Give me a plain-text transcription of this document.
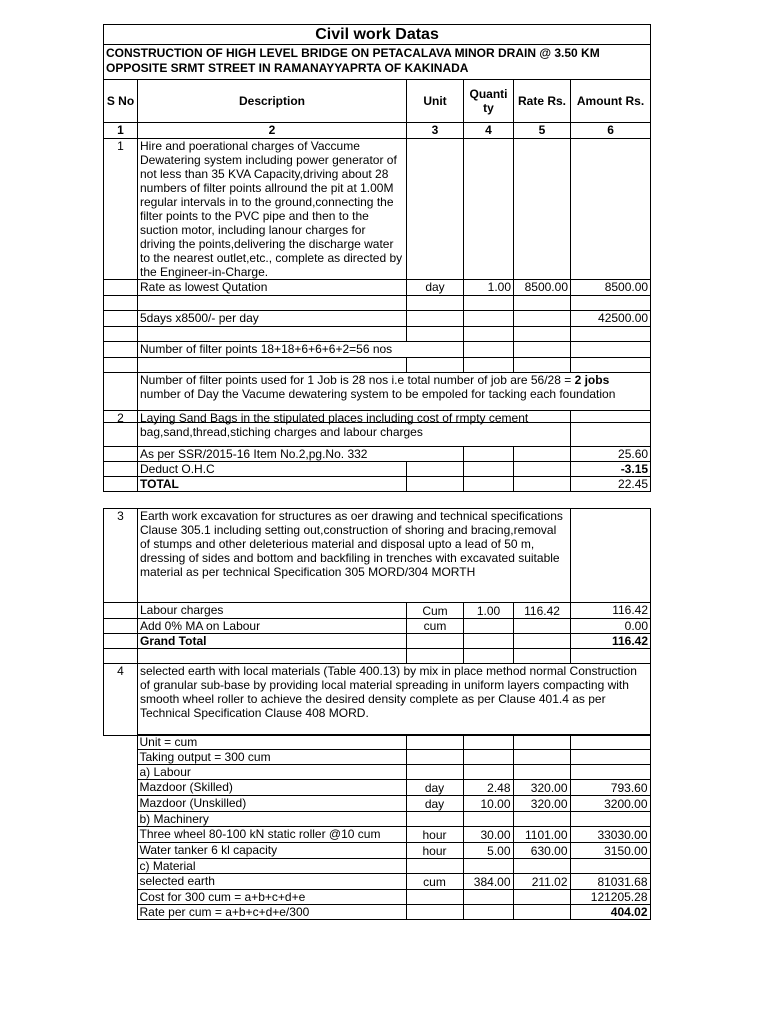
Civil work Datas					
CONSTRUCTION OF HIGH LEVEL BRIDGE ON PETACALAVA MINOR DRAIN @ 3.50 KM OPPOSITE SRMT STREET IN RAMANAYYAPRTA OF KAKINADA					
S No	Description	Unit	Quanti ty	Rate Rs.	Amount Rs.
1	2	3	4	5	6
1	Hire and poerational charges of Vaccume Dewatering system including power generator of not less than 35 KVA Capacity,driving about 28 numbers of filter points allround the pit at 1.00M regular intervals in to the ground,connecting the filter points to the PVC pipe and then to the suction motor, including lanour charges for driving the points,delivering the discharge water to the nearest outlet,etc., complete as directed by the Engineer-in-Charge.				
	Rate as lowest Qutation	day	1.00	8500.00	8500.00

	5days x8500/- per day				42500.00

	Number of filter points 18+18+6+6+6+2=56 nos				

	Number of filter points used for 1 Job is 28 nos i.e total number of job are 56/28 = 2 jobs number of Day the Vacume dewatering system to be empoled for tacking each foundation				
2	Laying Sand Bags in the stipulated places including cost of rmpty cement bag,sand,thread,stiching charges and labour charges				
	As per SSR/2015-16 Item No.2,pg.No. 332				25.60
	Deduct O.H.C				-3.15
	TOTAL				22.45
3	Earth work excavation for structures as oer drawing and technical specifications Clause 305.1 including setting out,construction of shoring and bracing,removal of stumps and other deleterious material and disposal upto a lead of 50 m, dressing of sides and bottom and backfiling in trenches with excavated suitable material as per technical Specification 305 MORD/304 MORTH				
	Labour charges	Cum	1.00	116.42	116.42
	Add 0% MA on Labour	cum			0.00
	Grand Total				116.42

4	selected earth with local materials (Table 400.13) by mix in place method normal Construction of granular sub-base by providing local material spreading in uniform layers compacting with smooth wheel roller to achieve the desired density complete as per Clause 401.4 as per Technical Specification Clause 408 MORD.				
	Unit = cum				
	Taking output = 300 cum				
	a) Labour				
	Mazdoor (Skilled)	day	2.48	320.00	793.60
	Mazdoor (Unskilled)	day	10.00	320.00	3200.00
	b) Machinery				
	Three wheel 80-100 kN static roller @10 cum	hour	30.00	1101.00	33030.00
	Water tanker 6 kl capacity	hour	5.00	630.00	3150.00
	c) Material				
	selected earth	cum	384.00	211.02	81031.68
	Cost for 300 cum = a+b+c+d+e				121205.28
	Rate per cum = a+b+c+d+e/300				404.02
